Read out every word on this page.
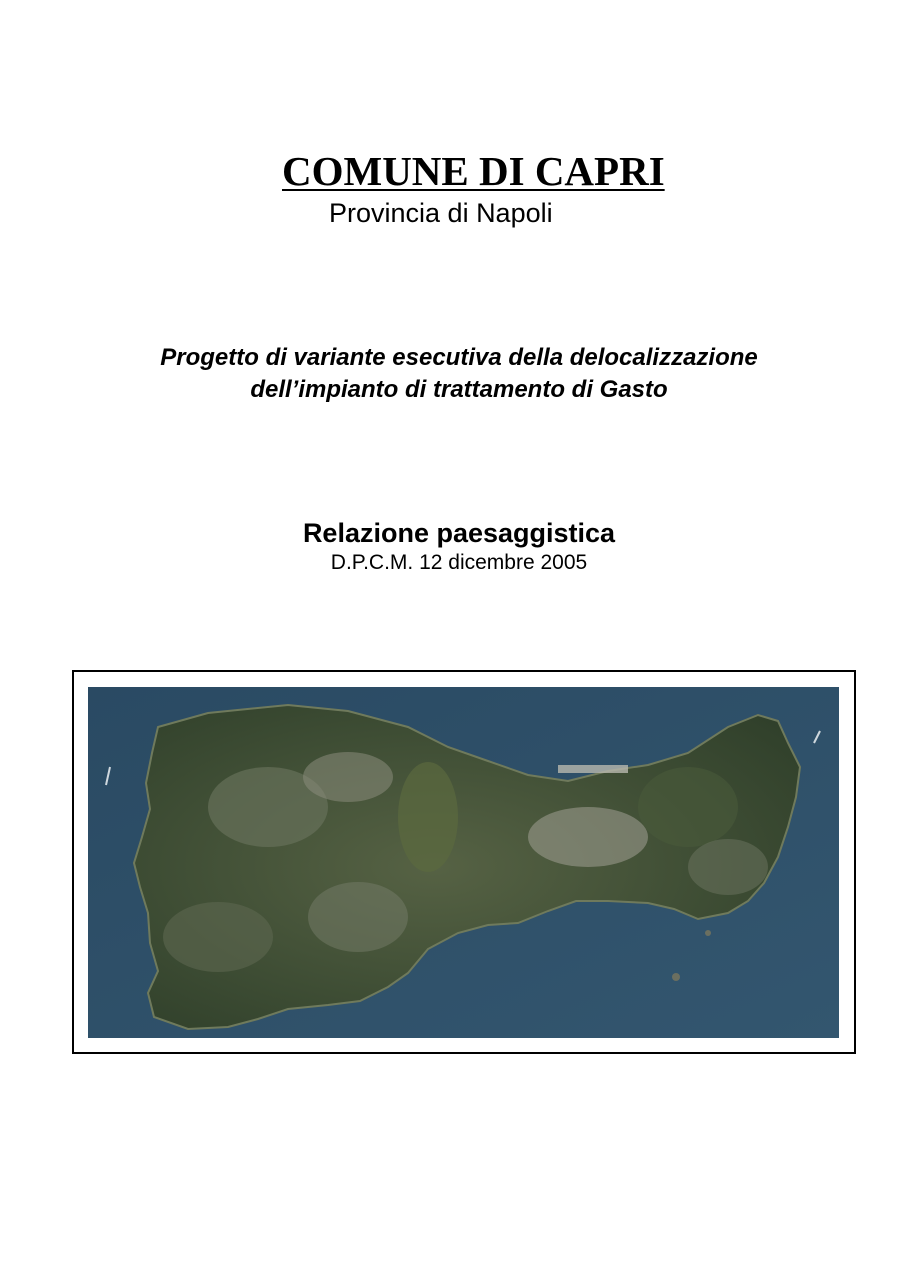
COMUNE DI CAPRI
Provincia di Napoli
Progetto di variante esecutiva della delocalizzazione
dell’impianto di trattamento di Gasto
Relazione paesaggistica
D.P.C.M. 12 dicembre 2005
